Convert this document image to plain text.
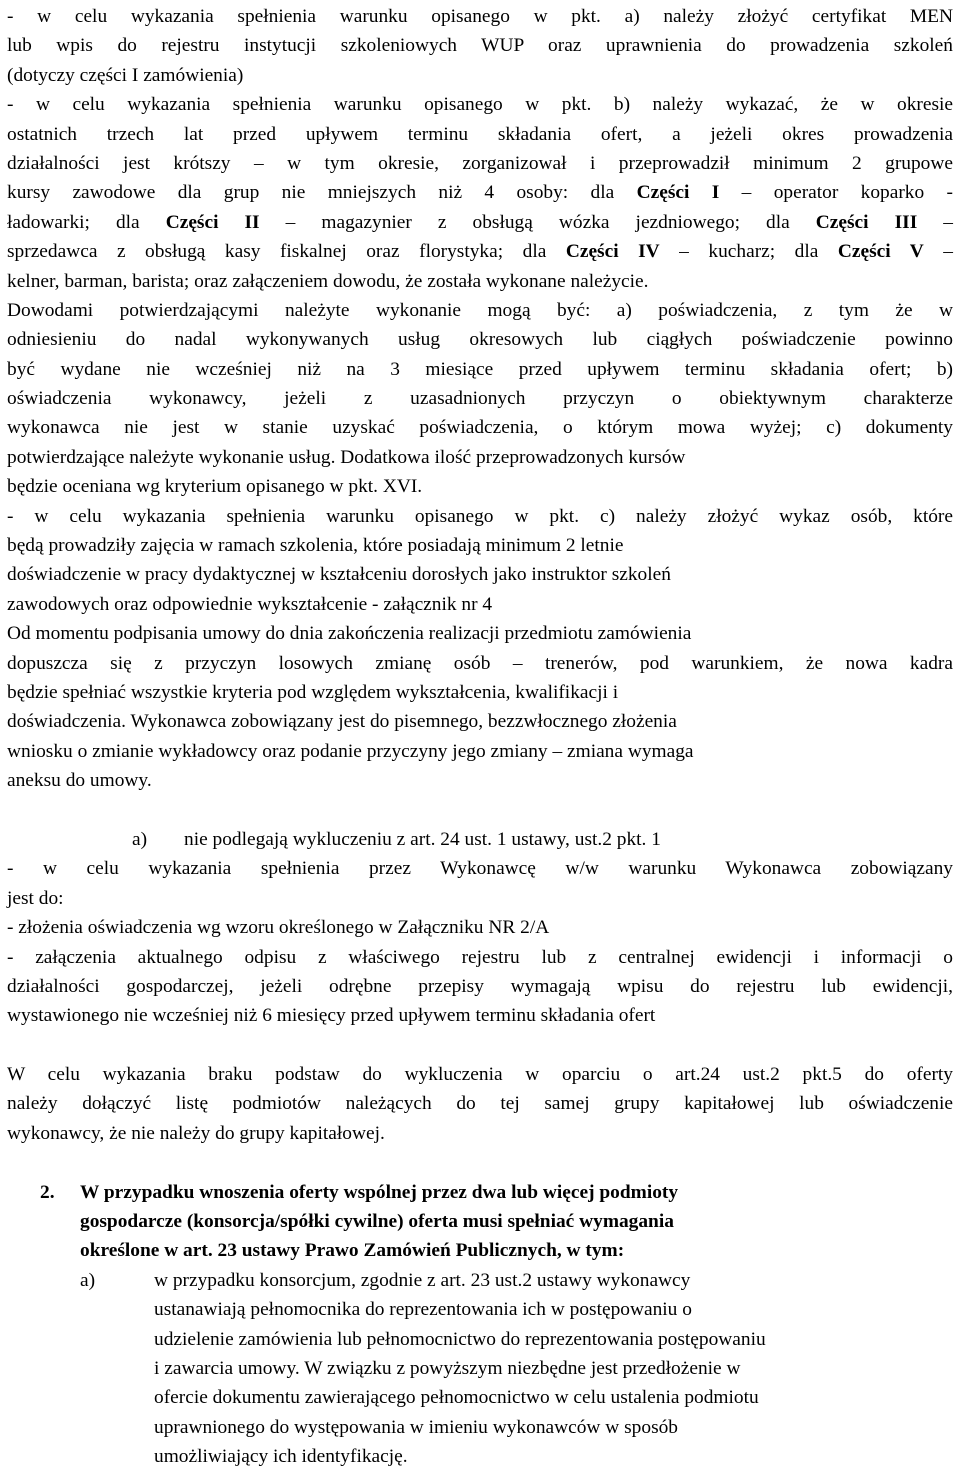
- w celu wykazania spełnienia warunku opisanego w pkt. a) należy złożyć certyfikat MEN
lub wpis do rejestru instytucji szkoleniowych WUP oraz uprawnienia do prowadzenia szkoleń
(dotyczy części I zamówienia)
- w celu wykazania spełnienia warunku opisanego w pkt. b) należy wykazać, że w okresie
ostatnich trzech lat przed upływem terminu składania ofert, a jeżeli okres prowadzenia
działalności jest krótszy – w tym okresie, zorganizował i przeprowadził minimum 2 grupowe
kursy zawodowe dla grup nie mniejszych niż 4 osoby: dla Części I – operator koparko -
ładowarki; dla Części II – magazynier z obsługą wózka jezdniowego; dla Części III –
sprzedawca z obsługą kasy fiskalnej oraz florystyka; dla Części IV – kucharz; dla Części V –
kelner, barman, barista; oraz załączeniem dowodu, że została wykonane należycie.
Dowodami potwierdzającymi należyte wykonanie mogą być: a) poświadczenia, z tym że w
odniesieniu do nadal wykonywanych usług okresowych lub ciągłych poświadczenie powinno
być wydane nie wcześniej niż na 3 miesiące przed upływem terminu składania ofert; b)
oświadczenia wykonawcy, jeżeli z uzasadnionych przyczyn o obiektywnym charakterze
wykonawca nie jest w stanie uzyskać poświadczenia, o którym mowa wyżej; c) dokumenty
potwierdzające należyte wykonanie usług. Dodatkowa ilość przeprowadzonych kursów
będzie oceniana wg kryterium opisanego w pkt. XVI.
- w celu wykazania spełnienia warunku opisanego w pkt. c) należy złożyć wykaz osób, które
będą prowadziły zajęcia w ramach szkolenia, które posiadają minimum 2 letnie
doświadczenie w pracy dydaktycznej w kształceniu dorosłych jako instruktor szkoleń
zawodowych oraz odpowiednie wykształcenie - załącznik nr 4
Od momentu podpisania umowy do dnia zakończenia realizacji przedmiotu zamówienia
dopuszcza się z przyczyn losowych zmianę osób – trenerów, pod warunkiem, że nowa kadra
będzie spełniać wszystkie kryteria pod względem wykształcenia, kwalifikacji i
doświadczenia. Wykonawca zobowiązany jest do pisemnego, bezzwłocznego złożenia
wniosku o zmianie wykładowcy oraz podanie przyczyny jego zmiany – zmiana wymaga
aneksu do umowy.
a) nie podlegają wykluczeniu z art. 24 ust. 1 ustawy, ust.2 pkt. 1
- w celu wykazania spełnienia przez Wykonawcę w/w warunku Wykonawca zobowiązany
jest do:
- złożenia oświadczenia wg wzoru określonego w Załączniku NR 2/A
- załączenia aktualnego odpisu z właściwego rejestru lub z centralnej ewidencji i informacji o
działalności gospodarczej, jeżeli odrębne przepisy wymagają wpisu do rejestru lub ewidencji,
wystawionego nie wcześniej niż 6 miesięcy przed upływem terminu składania ofert
W celu wykazania braku podstaw do wykluczenia w oparciu o art.24 ust.2 pkt.5 do oferty
należy dołączyć listę podmiotów należących do tej samej grupy kapitałowej lub oświadczenie
wykonawcy, że nie należy do grupy kapitałowej.
2. W przypadku wnoszenia oferty wspólnej przez dwa lub więcej podmioty
gospodarcze (konsorcja/spółki cywilne) oferta musi spełniać wymagania
określone w art. 23 ustawy Prawo Zamówień Publicznych, w tym:
a)	w przypadku konsorcjum, zgodnie z art. 23 ust.2 ustawy wykonawcy
ustanawiają pełnomocnika do reprezentowania ich w postępowaniu o
udzielenie zamówienia lub pełnomocnictwo do reprezentowania postępowaniu
i zawarcia umowy. W związku z powyższym niezbędne jest przedłożenie w
ofercie dokumentu zawierającego pełnomocnictwo w celu ustalenia podmiotu
uprawnionego do występowania w imieniu wykonawców w sposób
umożliwiający ich identyfikację.
